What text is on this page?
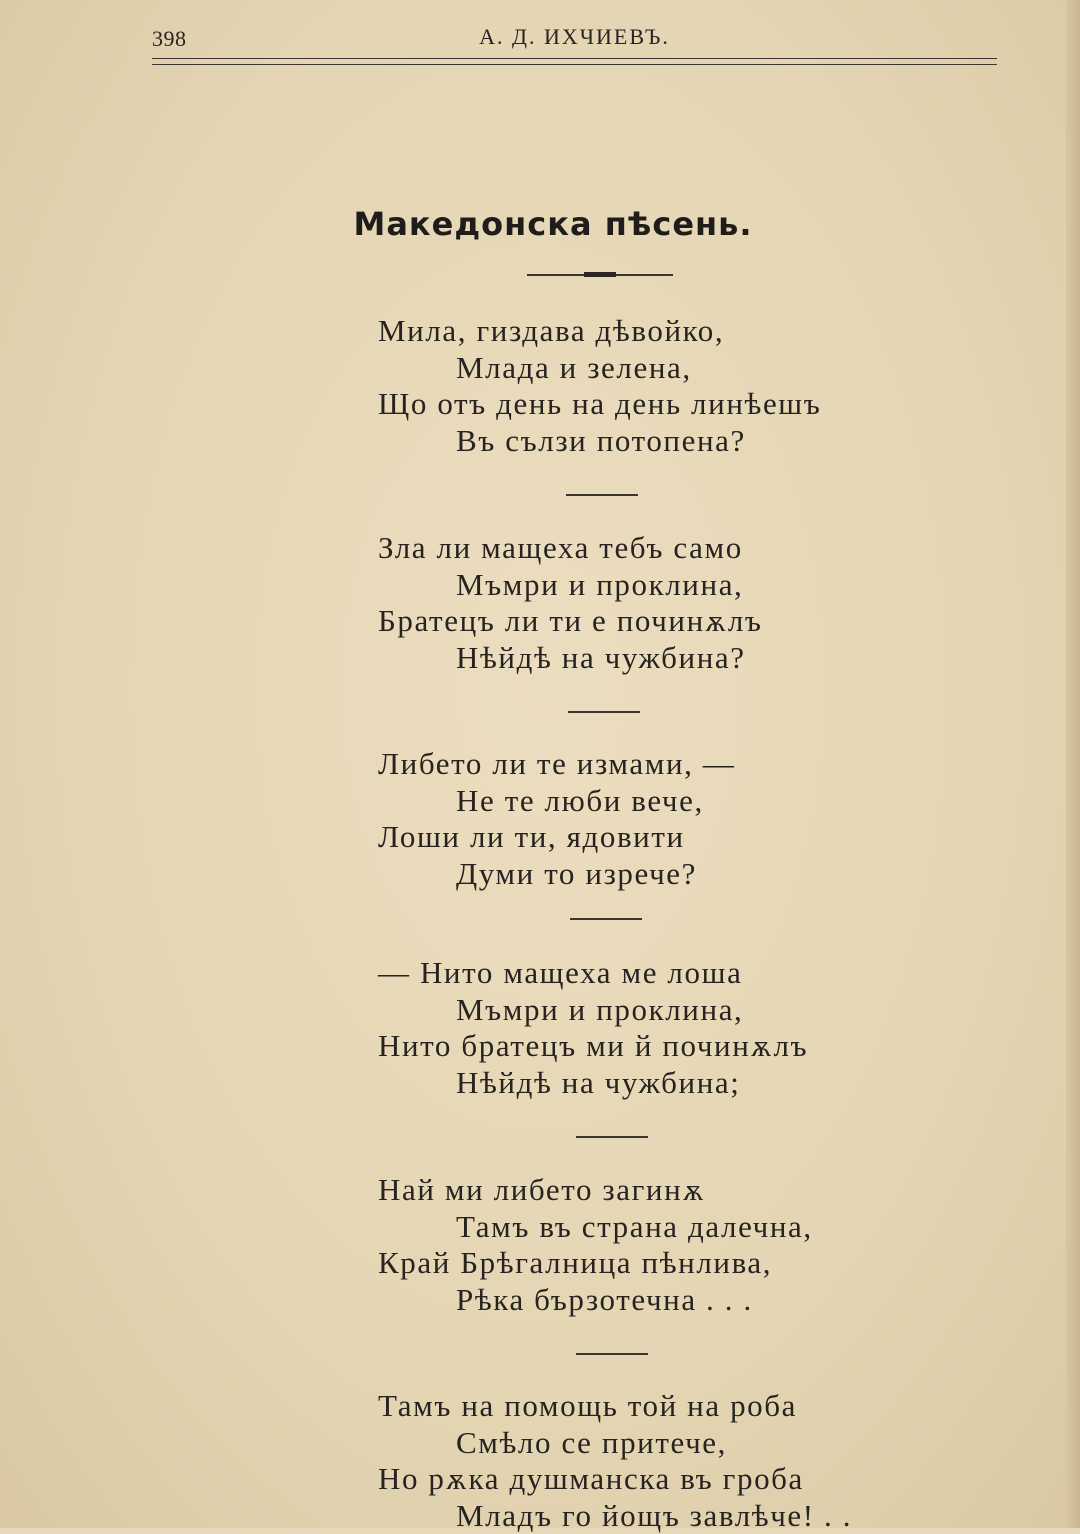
398	А. Д. ИХЧИЕВЪ.
Македонска пѣсень.
Мила, гиздава дѣвойко,
Млада и зелена,
Що отъ день на день линѣешъ
Въ сълзи потопена?
Зла ли мащеха тебъ само
Мъмри и проклина,
Братецъ ли ти е починѫлъ
Нѣйдѣ на чужбина?
Либето ли те измами, —
Не те люби вече,
Лоши ли ти, ядовити
Думи то изрече?
— Нито мащеха ме лоша
Мъмри и проклина,
Нито братецъ ми й починѫлъ
Нѣйдѣ на чужбина;
Най ми либето загинѫ
Тамъ въ страна далечна,
Край Брѣгалница пѣнлива,
Рѣка бързотечна . . .
Тамъ на помощь той на роба
Смѣло се притече,
Но рѫка душманска въ гроба
Младъ го йощъ завлѣче! . .
